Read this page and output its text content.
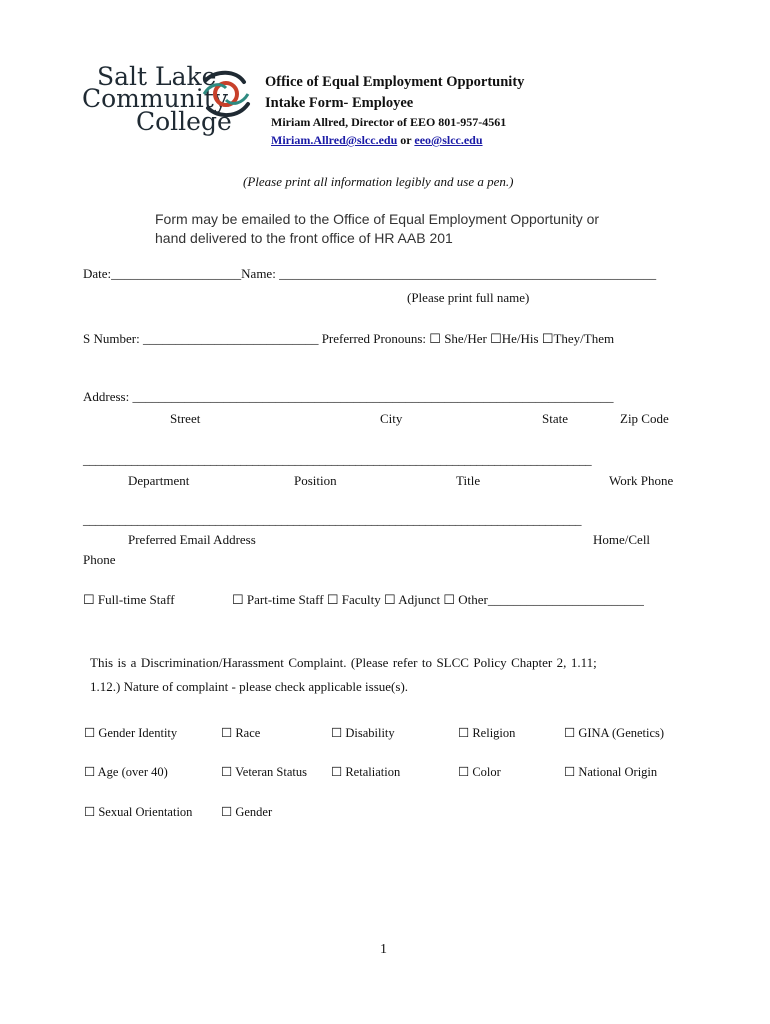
Salt Lake
Community
College
Office of Equal Employment Opportunity
Intake Form- Employee
Miriam Allred, Director of EEO 801-957-4561
Miriam.Allred@slcc.edu or eeo@slcc.edu
(Please print all information legibly and use a pen.)
Form may be emailed to the Office of Equal Employment Opportunity or
hand delivered to the front office of HR AAB 201
Date:____________________Name: __________________________________________________________
(Please print full name)
S Number: ___________________________ Preferred Pronouns: ☐ She/Her ☐He/His ☐They/Them
Address: __________________________________________________________________________
Street	City	State	Zip Code
____________________________________________________________________________________
Department	Position	Title	Work Phone
___________________________________________________________________________________
Preferred Email Address	Home/Cell
Phone
☐ Full-time Staff	☐ Part-time Staff ☐ Faculty ☐ Adjunct ☐ Other________________________
This is a Discrimination/Harassment Complaint. (Please refer to SLCC Policy Chapter 2, 1.11;
1.12.) Nature of complaint - please check applicable issue(s).
☐ Gender Identity	☐ Race	☐ Disability	☐ Religion	☐ GINA (Genetics)
☐ Age (over 40)	☐ Veteran Status ☐ Retaliation	☐ Color	☐ National Origin
☐ Sexual Orientation ☐ Gender
1
